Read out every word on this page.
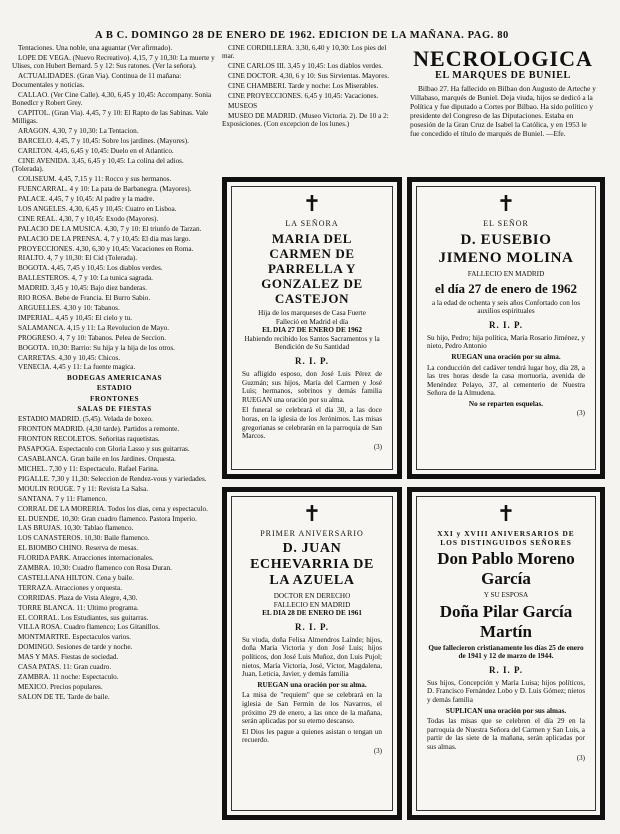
A B C. DOMINGO 28 DE ENERO DE 1962. EDICION DE LA MAÑANA. PAG. 80

Tentaciones. Una noble, una aguantar (Ver afirmado).

LOPE DE VEGA. (Nuevo Recreativo). 4,15, 7 y 10,30: La muerte y Ulises, con Hubert Bernard. 5 y 12: Sus ratones. (Ver la señora).

ACTUALIDADES. (Gran Via). Continua de 11 mañana: Documentales y noticias.

CALLAO. (Ver Cine Calle). 4,30, 6,45 y 10,45: Accompany. Sonia Bonedlcr y Robert Grey.

CAPITOL. (Gran Via). 4,45, 7 y 10: El Rapto de las Sabinas. Vale Milligas.

ARAGON. 4,30, 7 y 10,30: La Tentacion.

BARCELO. 4,45, 7 y 10,45: Sobre los jardines. (Mayores).

CARLTON. 4,45, 6,45 y 10,45: Duelo en el Atlantico.

CINE AVENIDA. 3,45, 6,45 y 10,45: La colina del adios. (Tolerada).

COLISEUM. 4,45, 7,15 y 11: Rocco y sus hermanos.

FUENCARRAL. 4 y 10: La pata de Barbanegra. (Mayores).

PALACE. 4,45, 7 y 10,45: Al padre y la madre.

LOS ANGELES. 4,30, 6,45 y 10,45: Cuatro en Lisboa.

CINE REAL. 4,30, 7 y 10,45: Exodo (Mayores).

PALACIO DE LA MUSICA. 4,30, 7 y 10: El triunfo de Tarzan.

PALACIO DE LA PRENSA. 4, 7 y 10,45: El dia mas largo.

PROYECCIONES. 4,30, 6,30 y 10,45: Vacaciones en Roma.

RIALTO. 4, 7 y 10,30: El Cid (Tolerada).

BOGOTA. 4,45, 7,45 y 10,45: Los diablos verdes.

BALLESTEROS. 4, 7 y 10: La tunica sagrada.

MADRID. 3,45 y 10,45: Bajo diez banderas.

RIO ROSA. Bebe de Francia. El Burro Sabio.

ARGUELLES. 4,30 y 10: Tabanos.

IMPERIAL. 4,45 y 10,45: El cielo y tu.

SALAMANCA. 4,15 y 11: La Revolucion de Mayo.

PROGRESO. 4, 7 y 10: Tabanos. Pelea de Seccion.

BOGOTA. 10,30: Barrio: Su hija y la hija de los otros.

CARRETAS. 4,30 y 10,45: Chicos.

VENECIA. 4,45 y 11: La fuente magica.

BODEGAS AMERICANAS

ESTADIO

FRONTONES

SALAS DE FIESTAS

ESTADIO MADRID. (5,45). Velada de boxeo.

FRONTON MADRID. (4,30 tarde). Partidos a remonte.

FRONTON RECOLETOS. Señoritas raquetistas.

PASAPOGA. Espectaculo con Gloria Lasso y sus guitarras.

CASABLANCA. Gran baile en los Jardines. Orquesta.

MICHEL. 7,30 y 11: Espectaculo. Rafael Farina.

PIGALLE. 7,30 y 11,30: Seleccion de Rendez-vous y variedades.

MOULIN ROUGE. 7 y 11: Revista La Salsa.

SANTANA. 7 y 11: Flamenco.

CORRAL DE LA MORERIA. Todos los dias, cena y espectaculo.

EL DUENDE. 10,30: Gran cuadro flamenco. Pastora Imperio.

LAS BRUJAS. 10,30: Tablao flamenco.

LOS CANASTEROS. 10,30: Baile flamenco.

EL BIOMBO CHINO. Reserva de mesas.

FLORIDA PARK. Atracciones internacionales.

ZAMBRA. 10,30: Cuadro flamenco con Rosa Duran.

CASTELLANA HILTON. Cena y baile.

TERRAZA. Atracciones y orquesta.

CORRIDAS. Plaza de Vista Alegre, 4,30.

TORRE BLANCA. 11: Ultimo programa.

EL CORRAL. Los Estudiantes, sus guitarras.

VILLA ROSA. Cuadro flamenco; Los Gitanillos.

MONTMARTRE. Espectaculos varios.

DOMINGO. Sesiones de tarde y noche.

MAS Y MAS. Fiestas de sociedad.

CASA PATAS. 11: Gran cuadro.

ZAMBRA. 11 noche: Espectaculo.

MEXICO. Precios populares.

SALON DE TE. Tarde de baile.

CINE CORDILLERA. 3,30, 6,40 y 10,30: Los pies del mar.

CINE CARLOS III. 3,45 y 10,45: Los diablos verdes.

CINE DOCTOR. 4,30, 6 y 10: Sus Sirvientas. Mayores.

CINE CHAMBERI. Tarde y noche: Los Miserables.

CINE PROYECCIONES. 6,45 y 10,45: Vacaciones.

MUSEOS

MUSEO DE MADRID. (Museo Victoria. 2). De 10 a 2: Exposiciones. (Con excepcion de los lunes.)

NECROLOGICA
EL MARQUES DE BUNIEL

Bilbao 27. Ha fallecido en Bilbao don Augusto de Arteche y Villabaso, marqués de Buniel. Deja viuda, hijos se dedicó a la Política y fue diputado a Cortes por Bilbao. Ha sido político y presidente del Congreso de las Diputaciones. Estaba en posesión de la Gran Cruz de Isabel la Católica, y en 1953 le fue concedido el título de marqués de Buniel. —Efe.

✝
LA SEÑORA
MARIA DEL CARMEN DE PARRELLA Y GONZALEZ DE CASTEJON
Hija de los marqueses de Casa Fuerte
Falleció en Madrid el día
EL DIA 27 DE ENERO DE 1962
Habiendo recibido los Santos Sacramentos y la Bendición de Su Santidad
R. I. P.
Su afligido esposo, don José Luis Pérez de Guzmán; sus hijos, María del Carmen y José Luis; hermanos, sobrinos y demás familia RUEGAN una oración por su alma.
El funeral se celebrará el día 30, a las doce horas, en la iglesia de los Jerónimos. Las misas gregorianas se celebrarán en la parroquia de San Marcos.
(3)
✝
EL SEÑOR
D. EUSEBIO JIMENO MOLINA
FALLECIO EN MADRID
el día 27 de enero de 1962
a la edad de ochenta y seis años Confortado con los auxilios espirituales
R. I. P.
Su hijo, Pedro; hija política, María Rosario Jiménez, y nieto, Pedro Antonio
RUEGAN una oración por su alma.
La conducción del cadáver tendrá lugar hoy, día 28, a las tres horas desde la casa mortuoria, avenida de Menéndez Pelayo, 37, al cementerio de Nuestra Señora de la Almudena.
No se reparten esquelas.
(3)
✝
PRIMER ANIVERSARIO
D. JUAN ECHEVARRIA DE LA AZUELA
DOCTOR EN DERECHO
FALLECIO EN MADRID
EL DIA 28 DE ENERO DE 1961
R. I. P.
Su viuda, doña Felisa Almendros Laínde; hijos, doña María Victoria y don José Luis; hijos políticos, don José Luis Muñoz, don Luis Pujol; nietos, María Victoria, José, Víctor, Magdalena, Juan, Leticia, Javier, y demás familia
RUEGAN una oración por su alma.
La misa de "requiem" que se celebrará en la iglesia de San Fermín de los Navarros, el próximo 29 de enero, a las once de la mañana, serán aplicadas por su eterno descanso.
El Dios les pague a quienes asistan o tengan un recuerdo.
(3)
✝
XXI y XVIII ANIVERSARIOS DE LOS DISTINGUIDOS SEÑORES
Don Pablo Moreno García
Y SU ESPOSA
Doña Pilar García Martín
Que fallecieron cristianamente los días 25 de enero de 1941 y 12 de marzo de 1944.
R. I. P.
Sus hijos, Concepción y María Luisa; hijos políticos, D. Francisco Fernández Lobo y D. Luis Gómez; nietos y demás familia
SUPLICAN una oración por sus almas.
Todas las misas que se celebren el día 29 en la parroquia de Nuestra Señora del Carmen y San Luis, a partir de las siete de la mañana, serán aplicadas por sus almas.
(3)
